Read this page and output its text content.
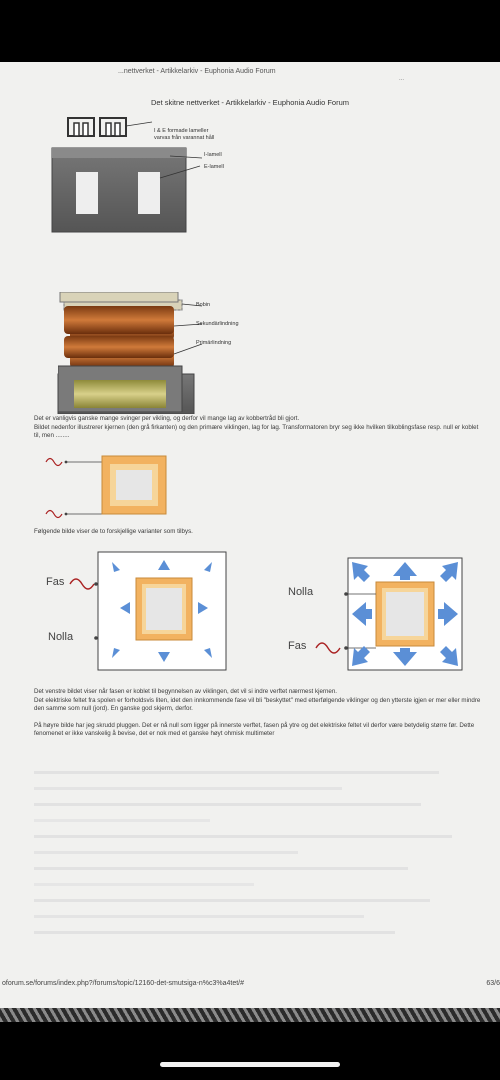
...nettverket - Artikkelarkiv - Euphonia Audio Forum
...
Det skitne nettverket - Artikkelarkiv - Euphonia Audio Forum
I & E formade lameller
varvas från varannat håll
I-lamell
E-lamell
Bobin
Sekundärlindning
Primärlindning
Det er vanligvis ganske mange svinger per vikling, og derfor vil mange lag av kobbertråd bli gjort.
Bildet nedenfor illustrerer kjernen (den grå firkanten) og den primære viklingen, lag for lag. Transformatoren bryr seg ikke hvilken tilkoblingsfase resp. null er koblet til, men ........
Følgende bilde viser de to forskjellige varianter som tilbys.
Fas
Nolla
Nolla
Fas
Det venstre bildet viser når fasen er koblet til begynnelsen av viklingen, det vil si indre verftet nærmest kjernen.
Det elektriske feltet fra spolen er forholdsvis liten, idet den innkommende fase vil bli "beskyttet" med etterfølgende viklinger og den ytterste igjen er mer eller mindre den samme som null (jord). En ganske god skjerm, derfor.
På høyre bilde har jeg skrudd pluggen. Det er nå null som ligger på innerste verftet, fasen på ytre og det elektriske feltet vil derfor være betydelig større før. Dette fenomenet er ikke vanskelig å bevise, det er nok med et ganske høyt ohmisk multimeter
oforum.se/forums/index.php?/forums/topic/12160-det-smutsiga-n%c3%a4tet/#	63/6
